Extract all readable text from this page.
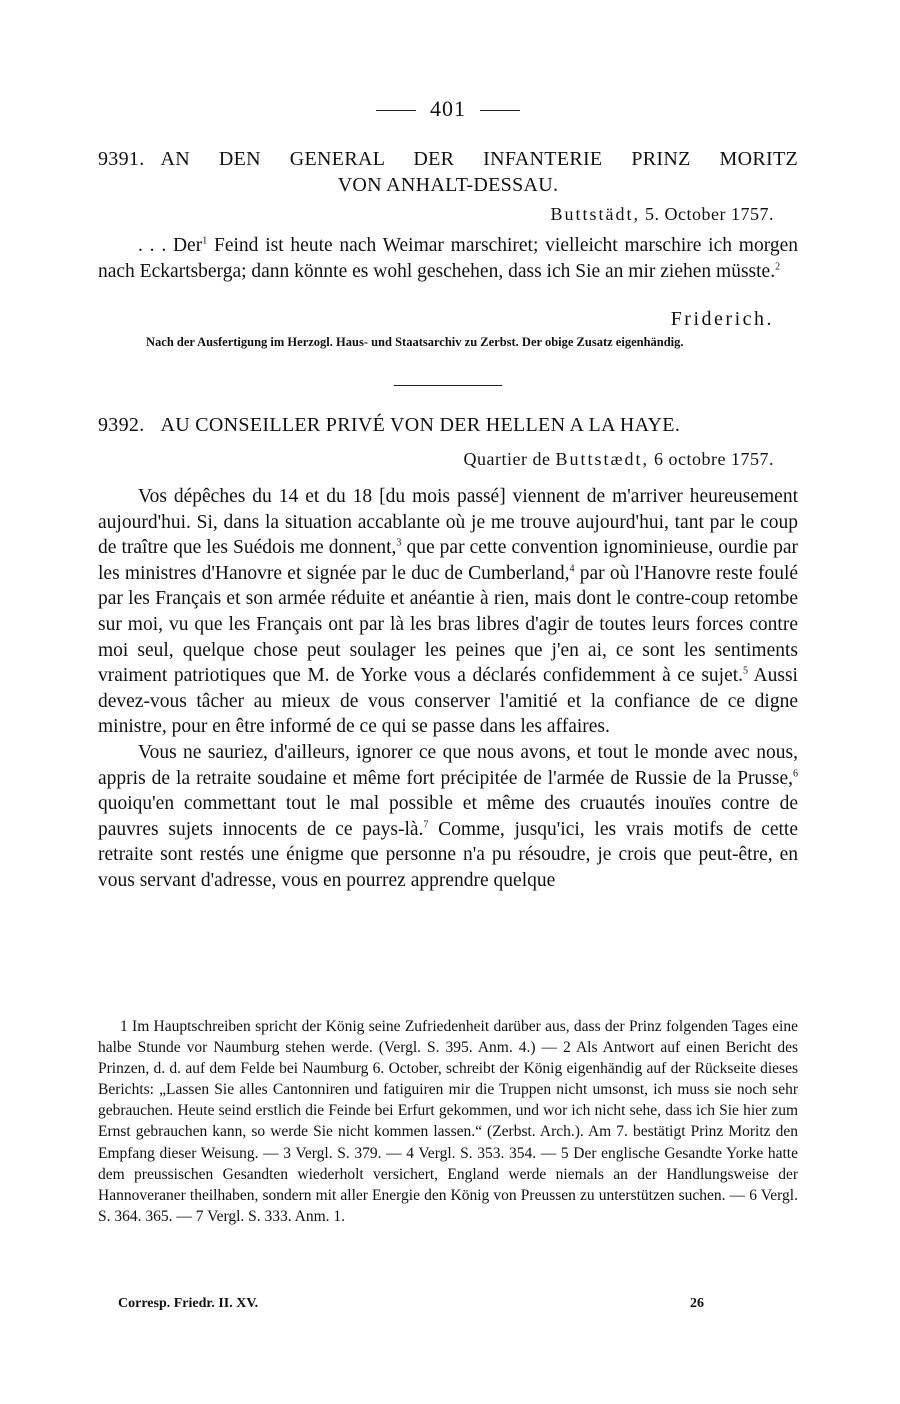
401
9391. AN DEN GENERAL DER INFANTERIE PRINZ MORITZ
VON ANHALT-DESSAU.
Buttstädt, 5. October 1757.

. . . Der$^1$ Feind ist heute nach Weimar marschiret; vielleicht marschire ich morgen nach Eckartsberga; dann könnte es wohl geschehen, dass ich Sie an mir ziehen müsste.$^2$

Friderich.
Nach der Ausfertigung im Herzogl. Haus- und Staatsarchiv zu Zerbst. Der obige Zusatz eigenhändig.
9392. AU CONSEILLER PRIVÉ VON DER HELLEN A LA HAYE.
Quartier de Buttstædt, 6 octobre 1757.

Vos dépêches du 14 et du 18 [du mois passé] viennent de m'arriver heureusement aujourd'hui. Si, dans la situation accablante où je me trouve aujourd'hui, tant par le coup de traître que les Suédois me donnent,$^3$ que par cette convention ignominieuse, ourdie par les ministres d'Hanovre et signée par le duc de Cumberland,$^4$ par où l'Hanovre reste foulé par les Français et son armée réduite et anéantie à rien, mais dont le contre-coup retombe sur moi, vu que les Français ont par là les bras libres d'agir de toutes leurs forces contre moi seul, quelque chose peut soulager les peines que j'en ai, ce sont les sentiments vraiment patriotiques que M. de Yorke vous a déclarés confidemment à ce sujet.$^5$ Aussi devez-vous tâcher au mieux de vous conserver l'amitié et la confiance de ce digne ministre, pour en être informé de ce qui se passe dans les affaires.

Vous ne sauriez, d'ailleurs, ignorer ce que nous avons, et tout le monde avec nous, appris de la retraite soudaine et même fort précipitée de l'armée de Russie de la Prusse,$^6$ quoiqu'en commettant tout le mal possible et même des cruautés inouïes contre de pauvres sujets innocents de ce pays-là.$^7$ Comme, jusqu'ici, les vrais motifs de cette retraite sont restés une énigme que personne n'a pu résoudre, je crois que peut-être, en vous servant d'adresse, vous en pourrez apprendre quelque

1 Im Hauptschreiben spricht der König seine Zufriedenheit darüber aus, dass der Prinz folgenden Tages eine halbe Stunde vor Naumburg stehen werde. (Vergl. S. 395. Anm. 4.) — 2 Als Antwort auf einen Bericht des Prinzen, d. d. auf dem Felde bei Naumburg 6. October, schreibt der König eigenhändig auf der Rückseite dieses Berichts: „Lassen Sie alles Cantonniren und fatiguiren mir die Truppen nicht umsonst, ich muss sie noch sehr gebrauchen. Heute seind erstlich die Feinde bei Erfurt gekommen, und wor ich nicht sehe, dass ich Sie hier zum Ernst gebrauchen kann, so werde Sie nicht kommen lassen.“ (Zerbst. Arch.). Am 7. bestätigt Prinz Moritz den Empfang dieser Weisung. — 3 Vergl. S. 379. — 4 Vergl. S. 353. 354. — 5 Der englische Gesandte Yorke hatte dem preussischen Gesandten wiederholt versichert, England werde niemals an der Handlungsweise der Hannoveraner theilhaben, sondern mit aller Energie den König von Preussen zu unterstützen suchen. — 6 Vergl. S. 364. 365. — 7 Vergl. S. 333. Anm. 1.

Corresp. Friedr. II. XV.	26
